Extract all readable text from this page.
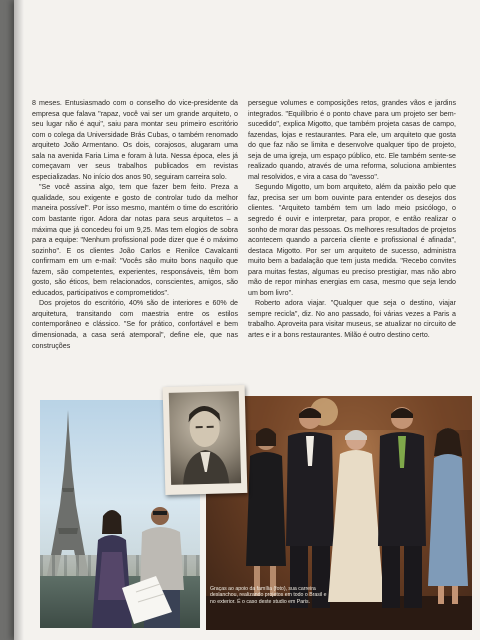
8 meses. Entusiasmado com o conselho do vice-presidente da empresa que falava "rapaz, você vai ser um grande arquiteto, o seu lugar não é aqui", saiu para montar seu primeiro escritório com o colega da Universidade Brás Cubas, o também renomado arquiteto João Armentano. Os dois, corajosos, alugaram uma sala na avenida Faria Lima e foram à luta. Nessa época, eles já começavam ver seus trabalhos publicados em revistas especializadas. No início dos anos 90, seguiram carreira solo.

"Se você assina algo, tem que fazer bem feito. Preza a qualidade, sou exigente e gosto de controlar tudo da melhor maneira possível". Por isso mesmo, mantém o time do escritório com bastante rigor. Adora dar notas para seus arquitetos – a máxima que já concedeu foi um 9,25. Mas tem elogios de sobra para a equipe: "Nenhum profissional pode dizer que é o máximo sozinho". E os clientes João Carlos e Renilce Cavalcanti confirmam em um e-mail: "Vocês são muito bons naquilo que fazem, são competentes, experientes, responsáveis, têm bom gosto, são éticos, bem relacionados, conscientes, amigos, são educados, participativos e comprometidos".

Dos projetos do escritório, 40% são de interiores e 60% de arquitetura, transitando com maestria entre os estilos contemporâneo e clássico. "Se for prático, confortável e bem dimensionada, a casa será atemporal", define ele, que nas construções

persegue volumes e composições retos, grandes vãos e jardins integrados. "Equilíbrio é o ponto chave para um projeto ser bem-sucedido", explica Migotto, que também projeta casas de campo, fazendas, lojas e restaurantes. Para ele, um arquiteto que gosta do que faz não se limita e desenvolve qualquer tipo de projeto, seja de uma igreja, um espaço público, etc. Ele também sente-se realizado quando, através de uma reforma, soluciona ambientes mal resolvidos, e vira a casa do "avesso".

Segundo Migotto, um bom arquiteto, além da paixão pelo que faz, precisa ser um bom ouvinte para entender os desejos dos clientes. "Arquiteto também tem um lado meio psicólogo, o segredo é ouvir e interpretar, para propor, e então realizar o sonho de morar das pessoas. Os melhores resultados de projetos acontecem quando a parceria cliente e profissional é afinada", destaca Migotto. Por ser um arquiteto de sucesso, administra muito bem a badalação que tem justa medida. "Recebo convites para muitas festas, algumas eu preciso prestigiar, mas não abro mão de repor minhas energias em casa, mesmo que seja lendo um bom livro".

Roberto adora viajar. "Qualquer que seja o destino, viajar sempre recicla", diz. No ano passado, foi várias vezes a Paris a trabalho. Aproveita para visitar museus, se atualizar no circuito de artes e ir a bons restaurantes. Milão é outro destino certo.

Graças ao apoio da família (foto), sua carreira deslanchou, realizando projetos em todo o Brasil e no exterior. É o caso deste studio em Paris.
